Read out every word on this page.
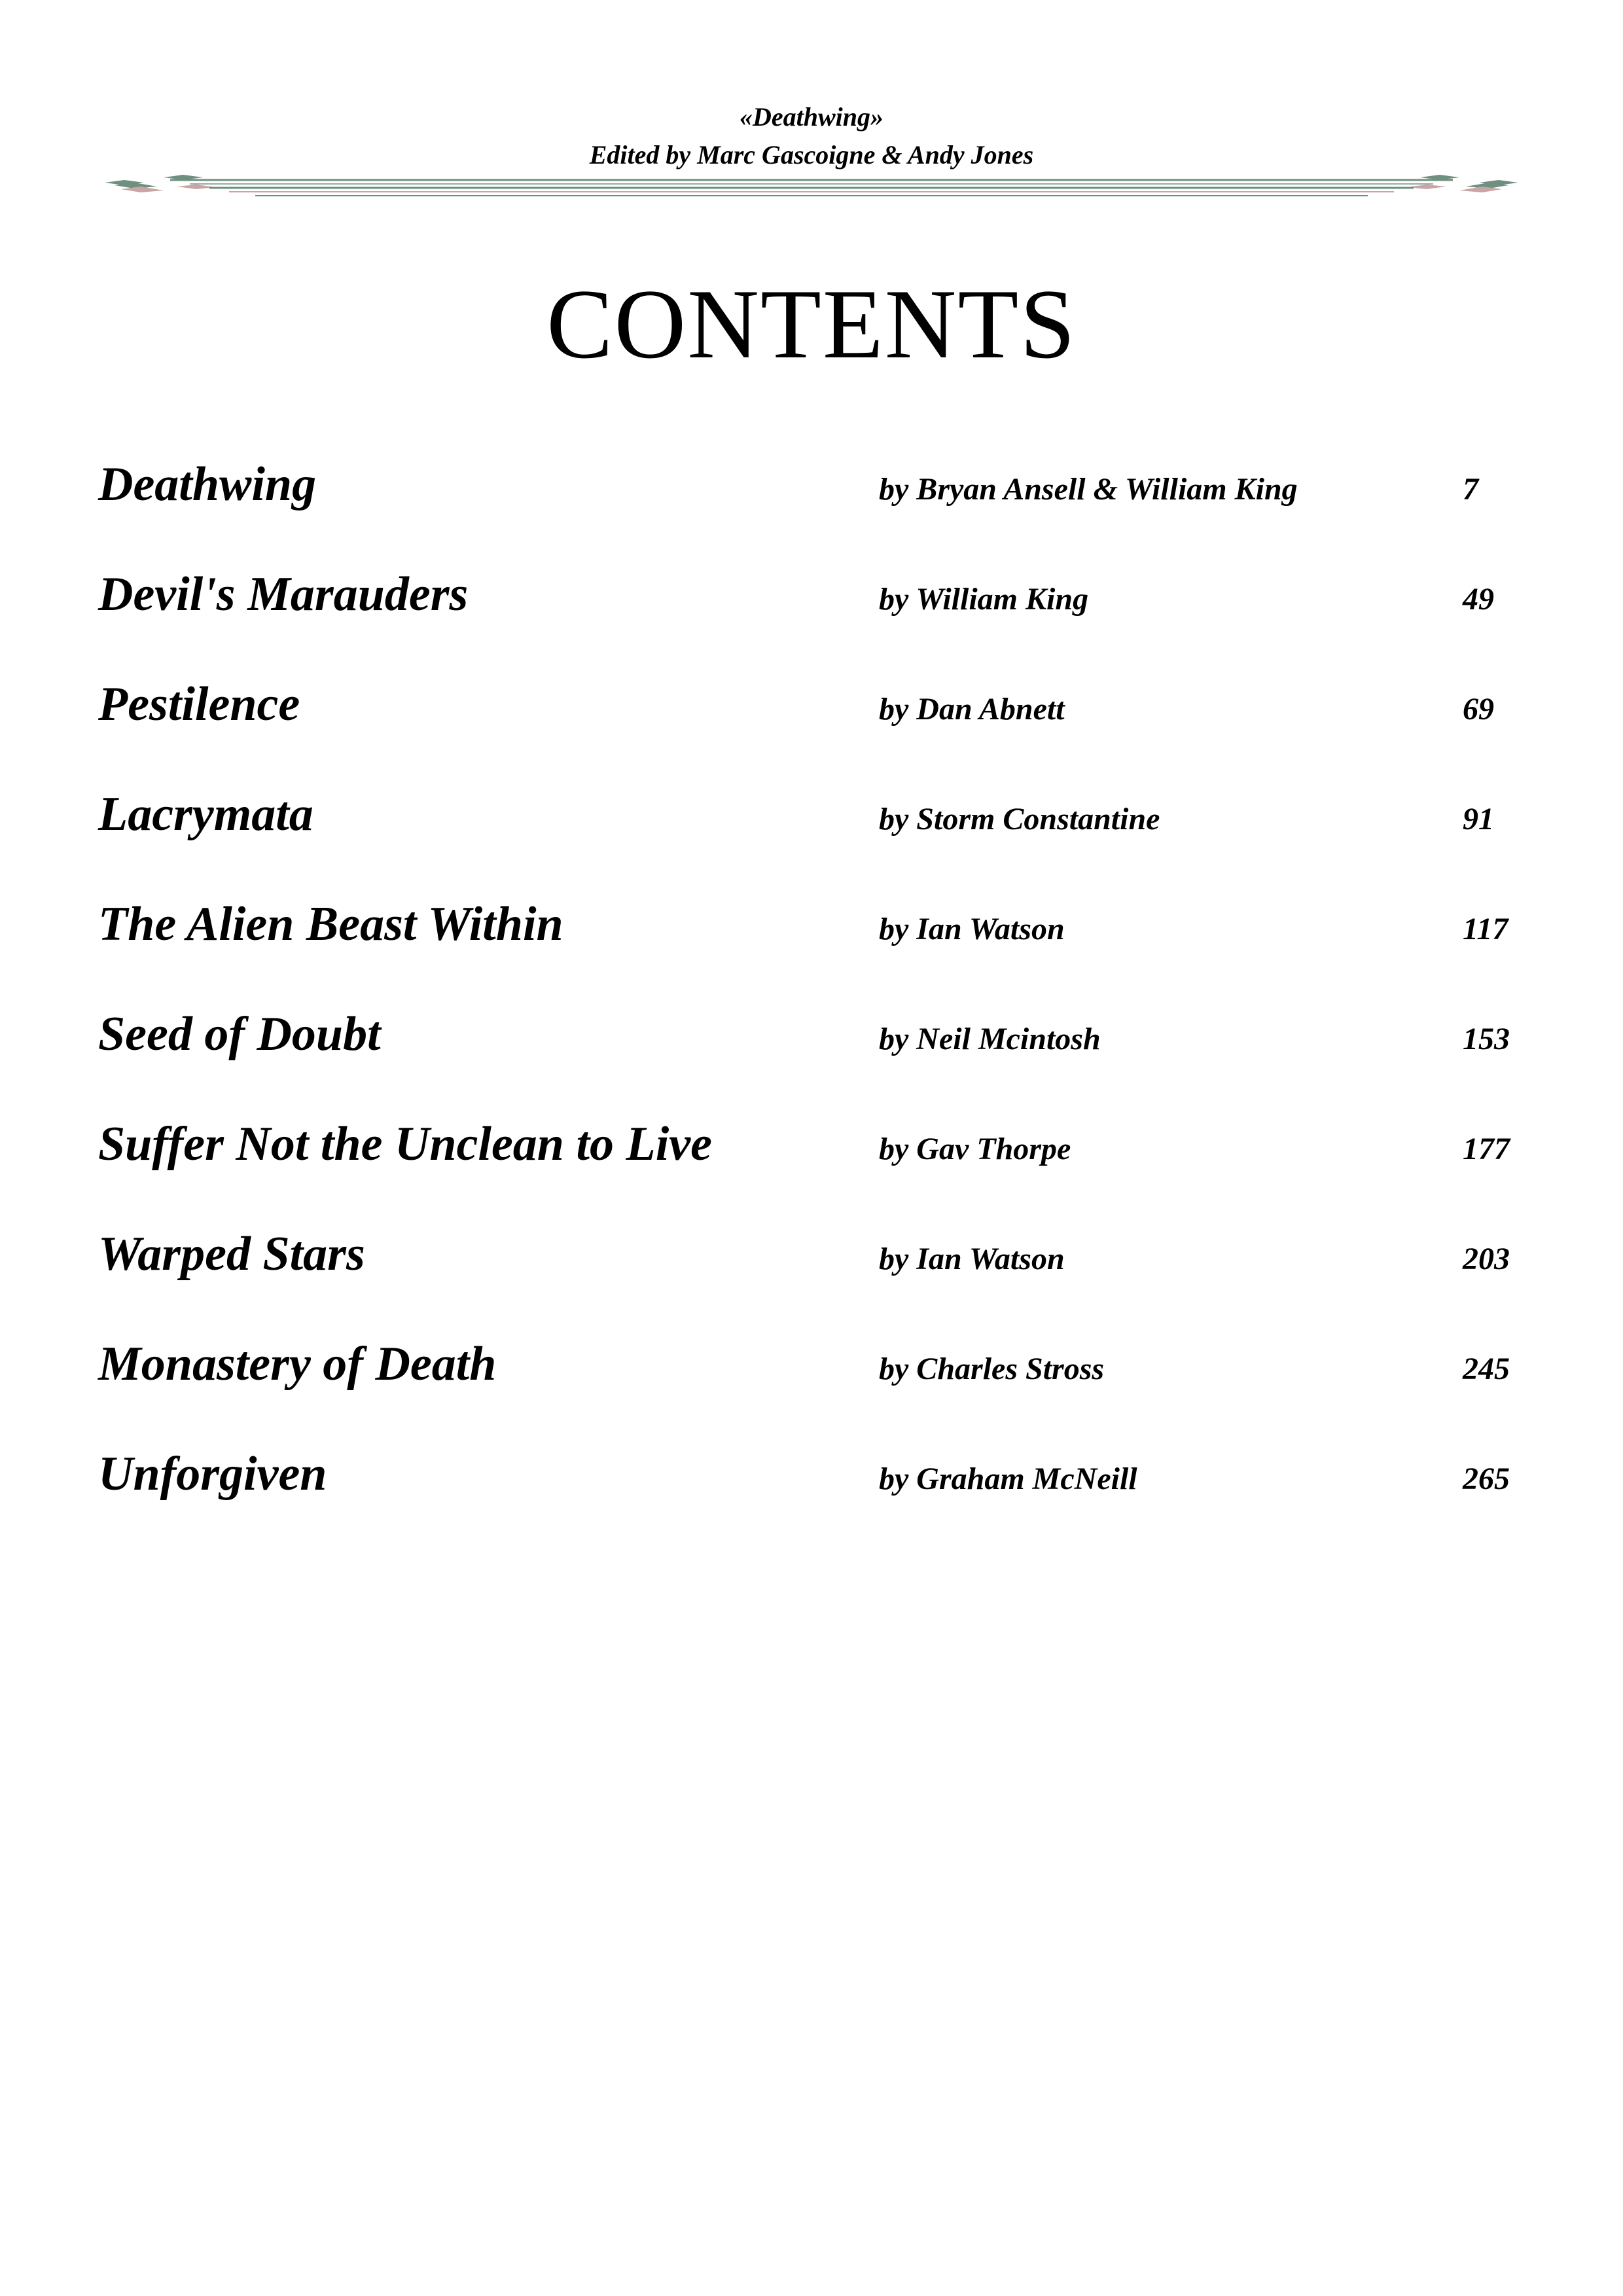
«Deathwing»
Edited by Marc Gascoigne & Andy Jones
CONTENTS
Deathwing	by Bryan Ansell & William King	7
Devil's Marauders	by William King	49
Pestilence	by Dan Abnett	69
Lacrymata	by Storm Constantine	91
The Alien Beast Within	by Ian Watson	117
Seed of Doubt	by Neil Mcintosh	153
Suffer Not the Unclean to Live	by Gav Thorpe	177
Warped Stars	by Ian Watson	203
Monastery of Death	by Charles Stross	245
Unforgiven	by Graham McNeill	265
